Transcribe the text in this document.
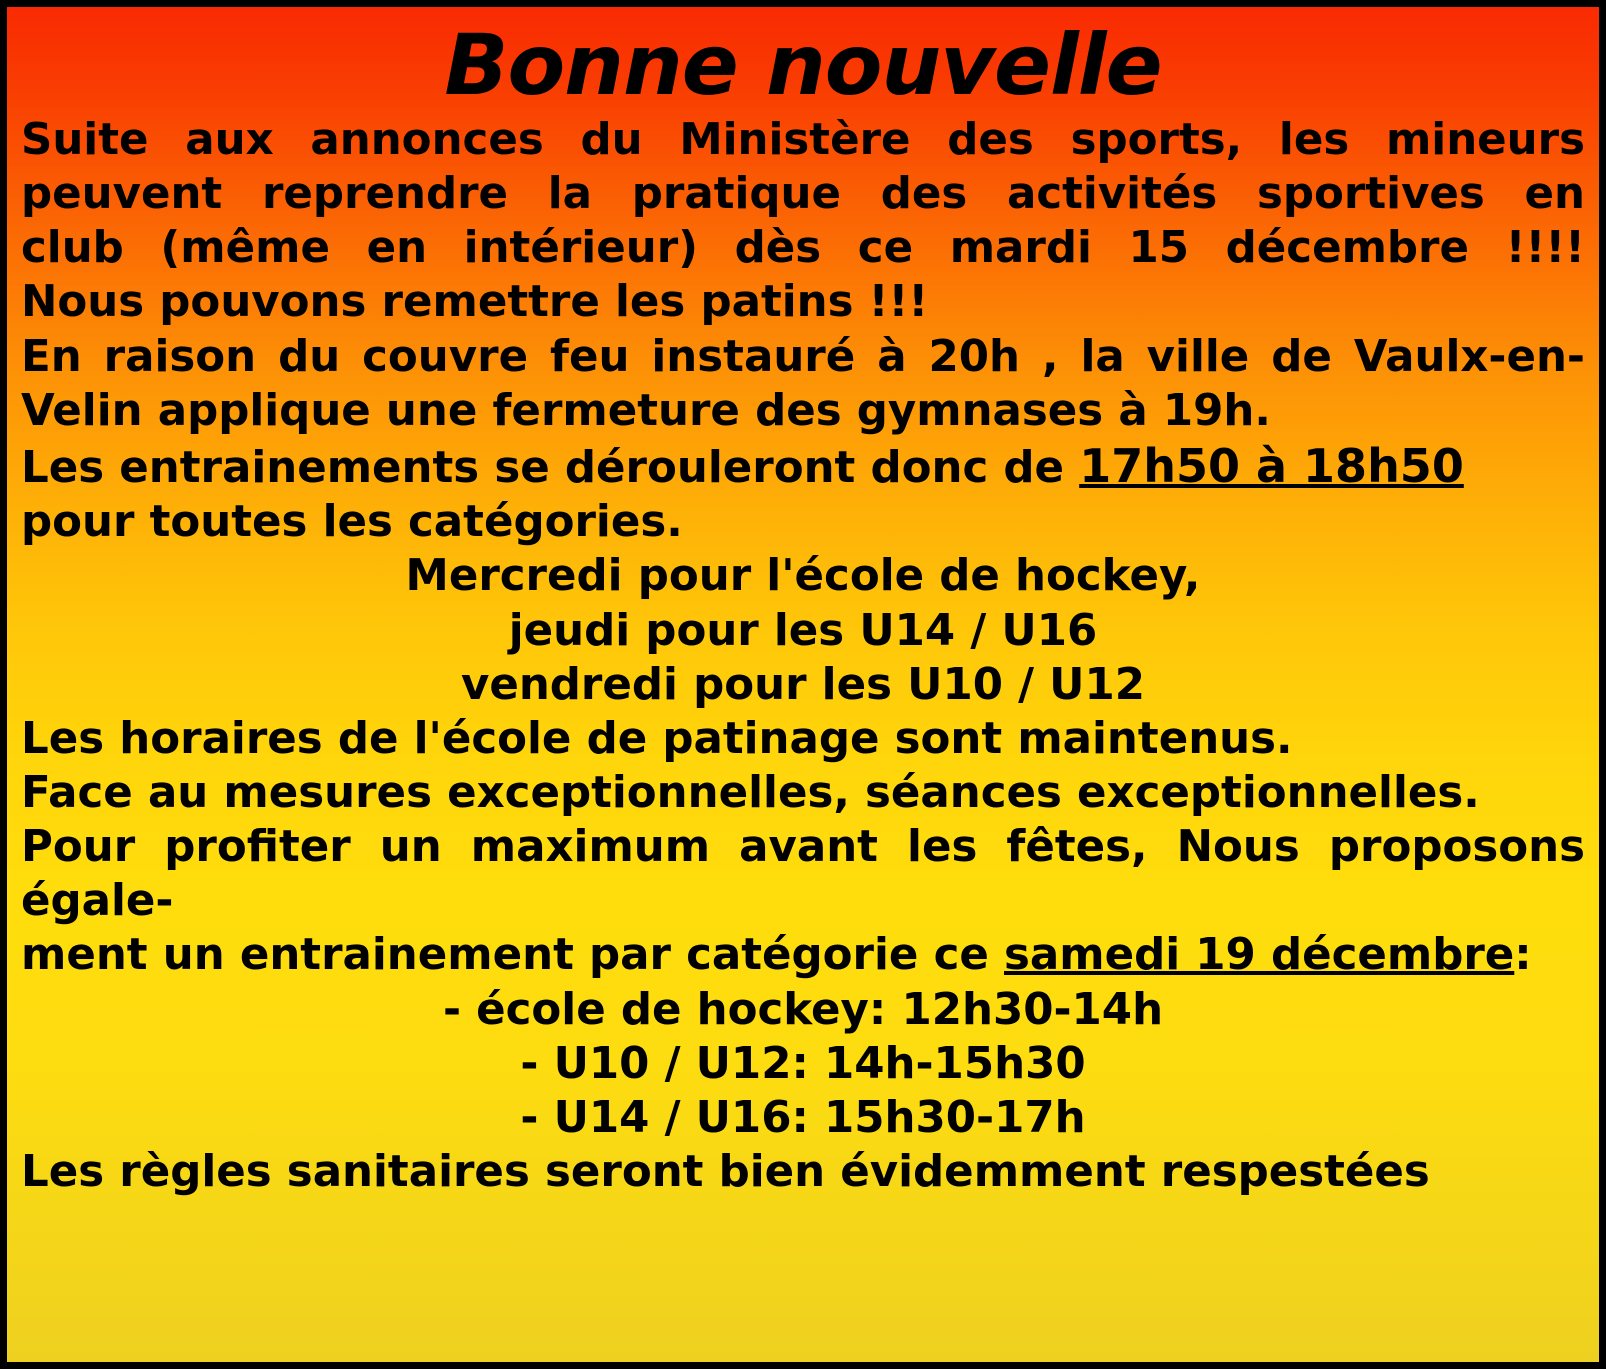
Bonne nouvelle

Suite aux annonces du Ministère des sports, les mineurs

peuvent reprendre la pratique des activités sportives en

club (même en intérieur) dès ce mardi 15 décembre !!!!

Nous pouvons remettre les patins !!!

En raison du couvre feu instauré à 20h , la ville de Vaulx-en-

Velin applique une fermeture des gymnases à 19h.

Les entrainements se dérouleront donc de 17h50 à 18h50

pour toutes les catégories.

Mercredi pour l'école de hockey,

jeudi pour les U14 / U16

vendredi pour les U10 / U12

Les horaires de l'école de patinage sont maintenus.

Face au mesures exceptionnelles, séances exceptionnelles.

Pour profiter un maximum avant les fêtes, Nous proposons égale-

ment un entrainement par catégorie ce samedi 19 décembre:

- école de hockey: 12h30-14h

- U10 / U12: 14h-15h30

- U14 / U16: 15h30-17h

Les règles sanitaires seront bien évidemment respestées
